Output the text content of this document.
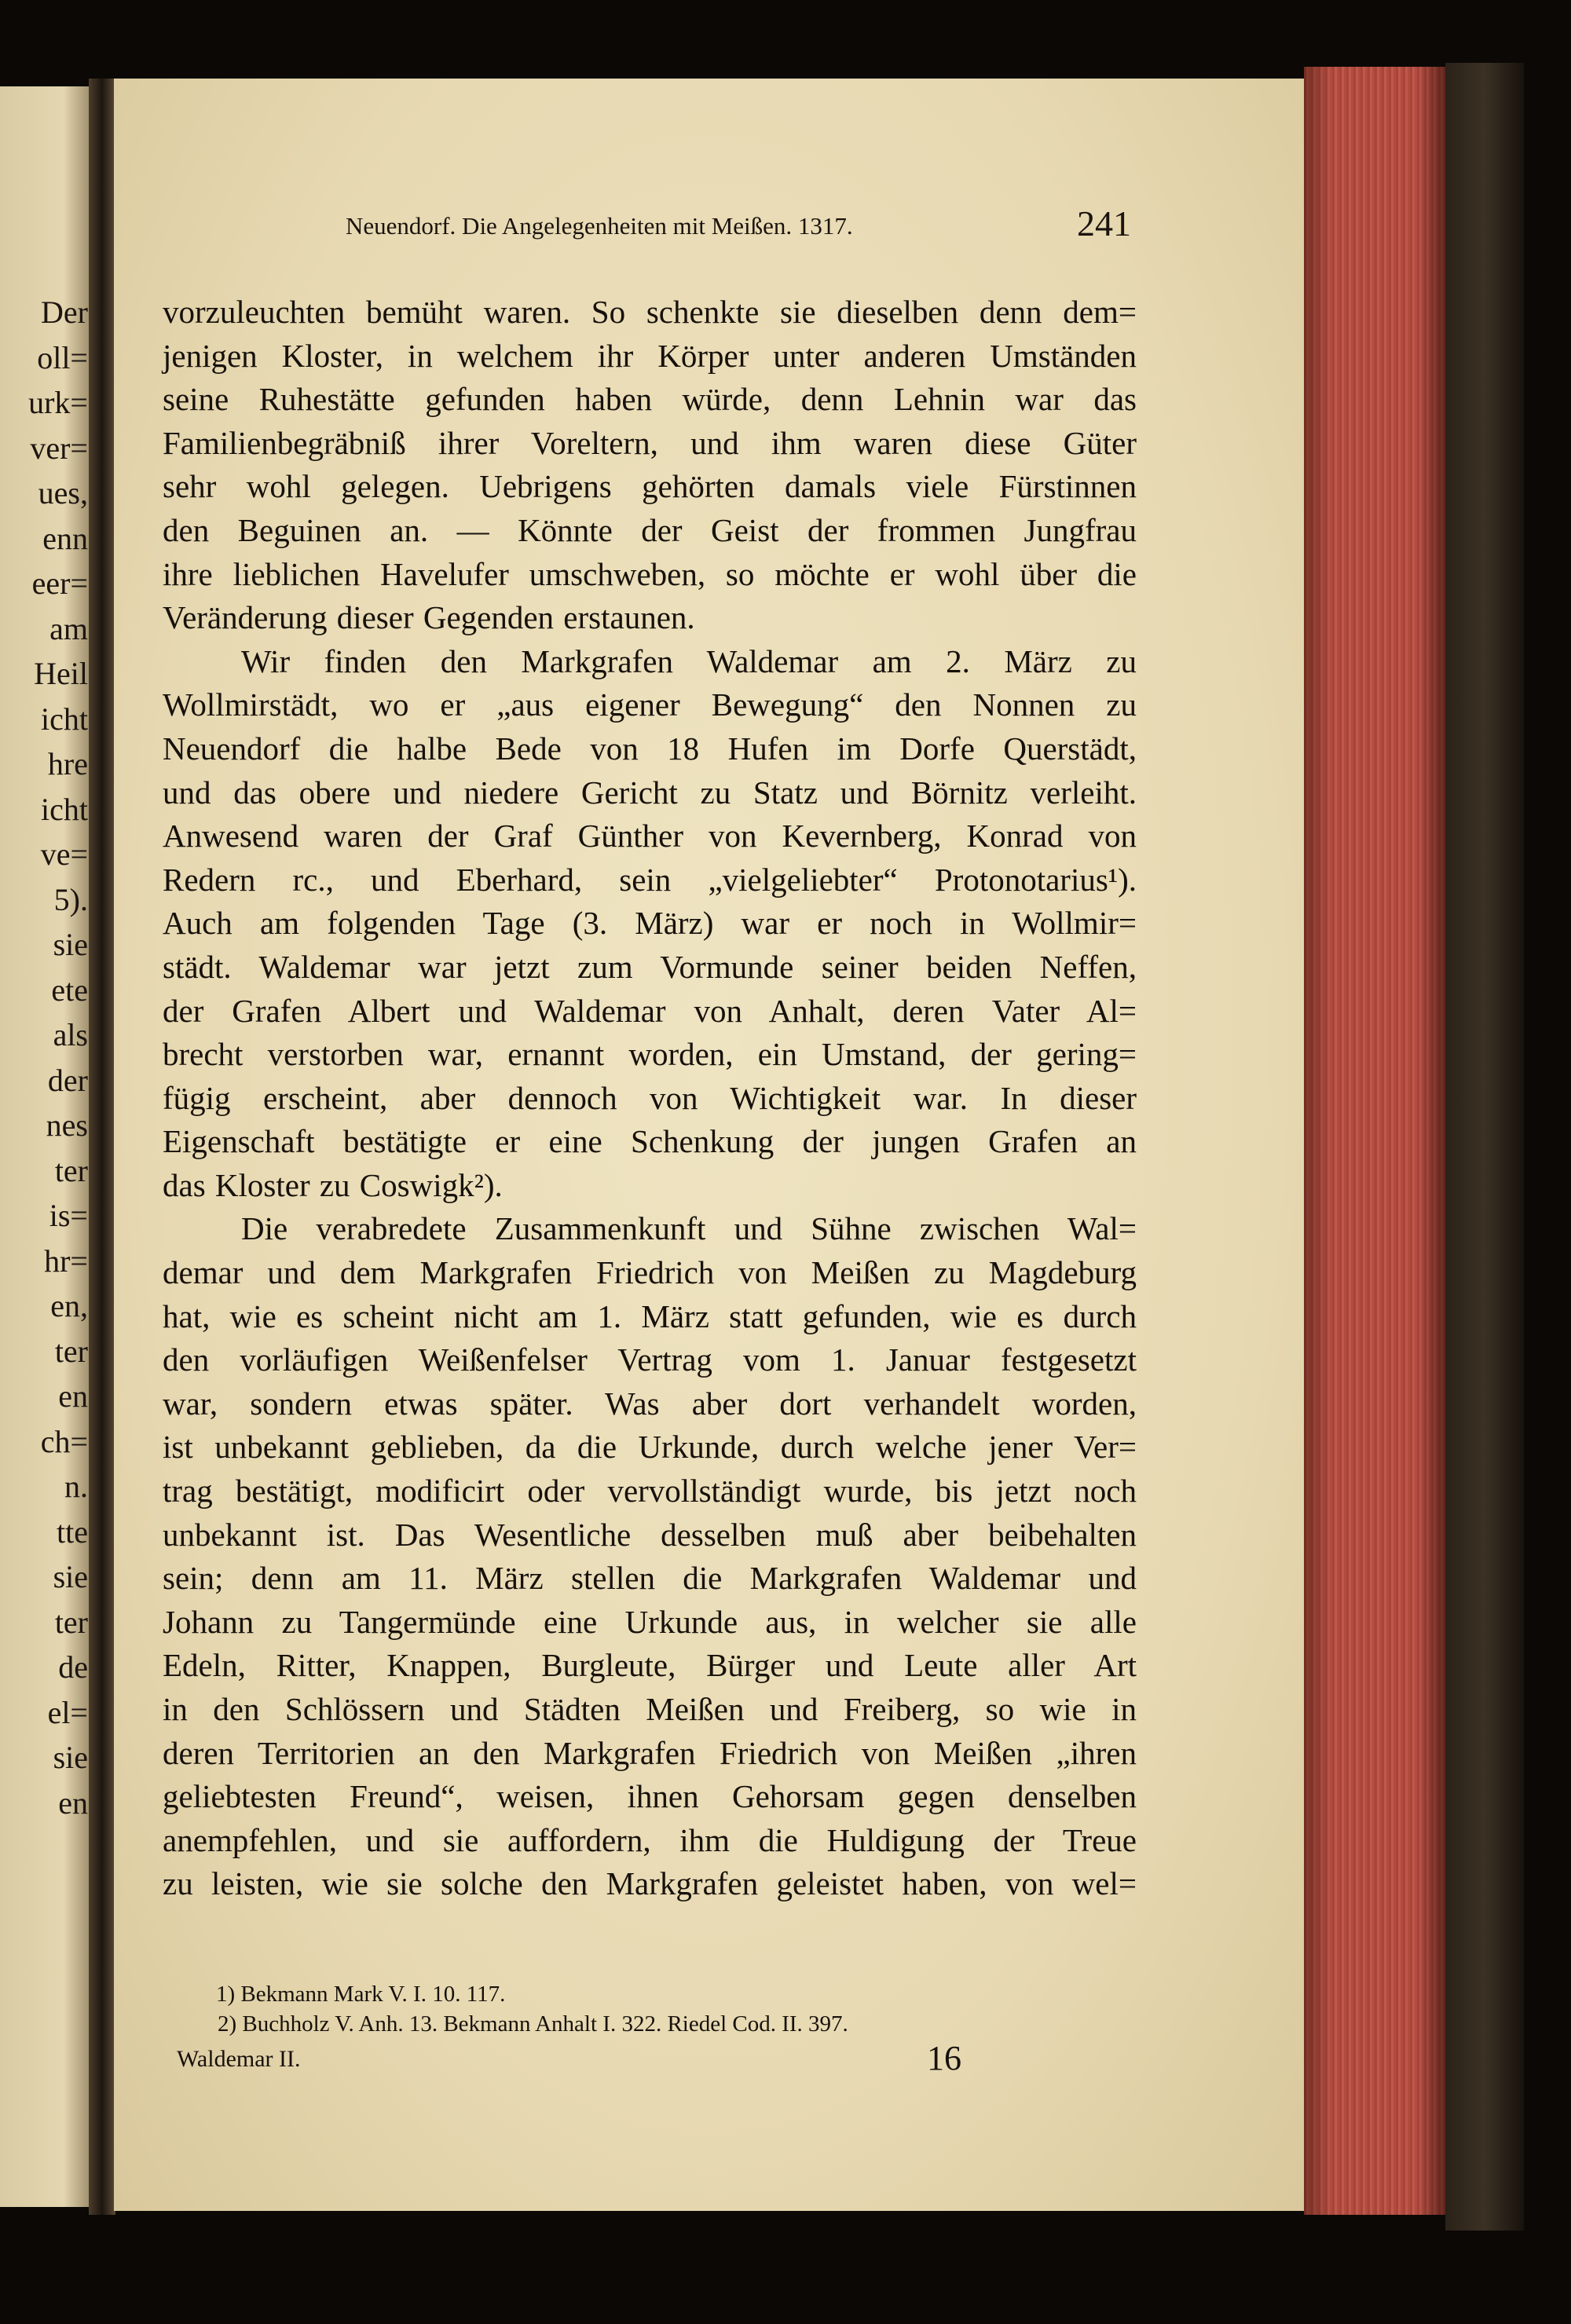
Der
oll=
urk=
ver=
ues,
enn
eer=
am
Heil
icht
hre
icht
ve=
5).
sie
ete
als
der
nes
ter
is=
hr=
en,
ter
en
ch=
n.
tte
sie
ter
de
el=
sie
en
Neuendorf. Die Angelegenheiten mit Meißen. 1317.	241
vorzuleuchten bemüht waren. So schenkte sie dieselben denn dem=
jenigen Kloster, in welchem ihr Körper unter anderen Umständen
seine Ruhestätte gefunden haben würde, denn Lehnin war das
Familienbegräbniß ihrer Voreltern, und ihm waren diese Güter
sehr wohl gelegen. Uebrigens gehörten damals viele Fürstinnen
den Beguinen an. — Könnte der Geist der frommen Jungfrau
ihre lieblichen Havelufer umschweben, so möchte er wohl über die
Veränderung dieser Gegenden erstaunen.
Wir finden den Markgrafen Waldemar am 2. März zu
Wollmirstädt, wo er „aus eigener Bewegung“ den Nonnen zu
Neuendorf die halbe Bede von 18 Hufen im Dorfe Querstädt,
und das obere und niedere Gericht zu Statz und Börnitz verleiht.
Anwesend waren der Graf Günther von Kevernberg, Konrad von
Redern rc., und Eberhard, sein „vielgeliebter“ Protonotarius¹).
Auch am folgenden Tage (3. März) war er noch in Wollmir=
städt. Waldemar war jetzt zum Vormunde seiner beiden Neffen,
der Grafen Albert und Waldemar von Anhalt, deren Vater Al=
brecht verstorben war, ernannt worden, ein Umstand, der gering=
fügig erscheint, aber dennoch von Wichtigkeit war. In dieser
Eigenschaft bestätigte er eine Schenkung der jungen Grafen an
das Kloster zu Coswigk²).
Die verabredete Zusammenkunft und Sühne zwischen Wal=
demar und dem Markgrafen Friedrich von Meißen zu Magdeburg
hat, wie es scheint nicht am 1. März statt gefunden, wie es durch
den vorläufigen Weißenfelser Vertrag vom 1. Januar festgesetzt
war, sondern etwas später. Was aber dort verhandelt worden,
ist unbekannt geblieben, da die Urkunde, durch welche jener Ver=
trag bestätigt, modificirt oder vervollständigt wurde, bis jetzt noch
unbekannt ist. Das Wesentliche desselben muß aber beibehalten
sein; denn am 11. März stellen die Markgrafen Waldemar und
Johann zu Tangermünde eine Urkunde aus, in welcher sie alle
Edeln, Ritter, Knappen, Burgleute, Bürger und Leute aller Art
in den Schlössern und Städten Meißen und Freiberg, so wie in
deren Territorien an den Markgrafen Friedrich von Meißen „ihren
geliebtesten Freund“, weisen, ihnen Gehorsam gegen denselben
anempfehlen, und sie auffordern, ihm die Huldigung der Treue
zu leisten, wie sie solche den Markgrafen geleistet haben, von wel=
1) Bekmann Mark V. I. 10. 117.
2) Buchholz V. Anh. 13. Bekmann Anhalt I. 322. Riedel Cod. II. 397.
Waldemar II.	16
